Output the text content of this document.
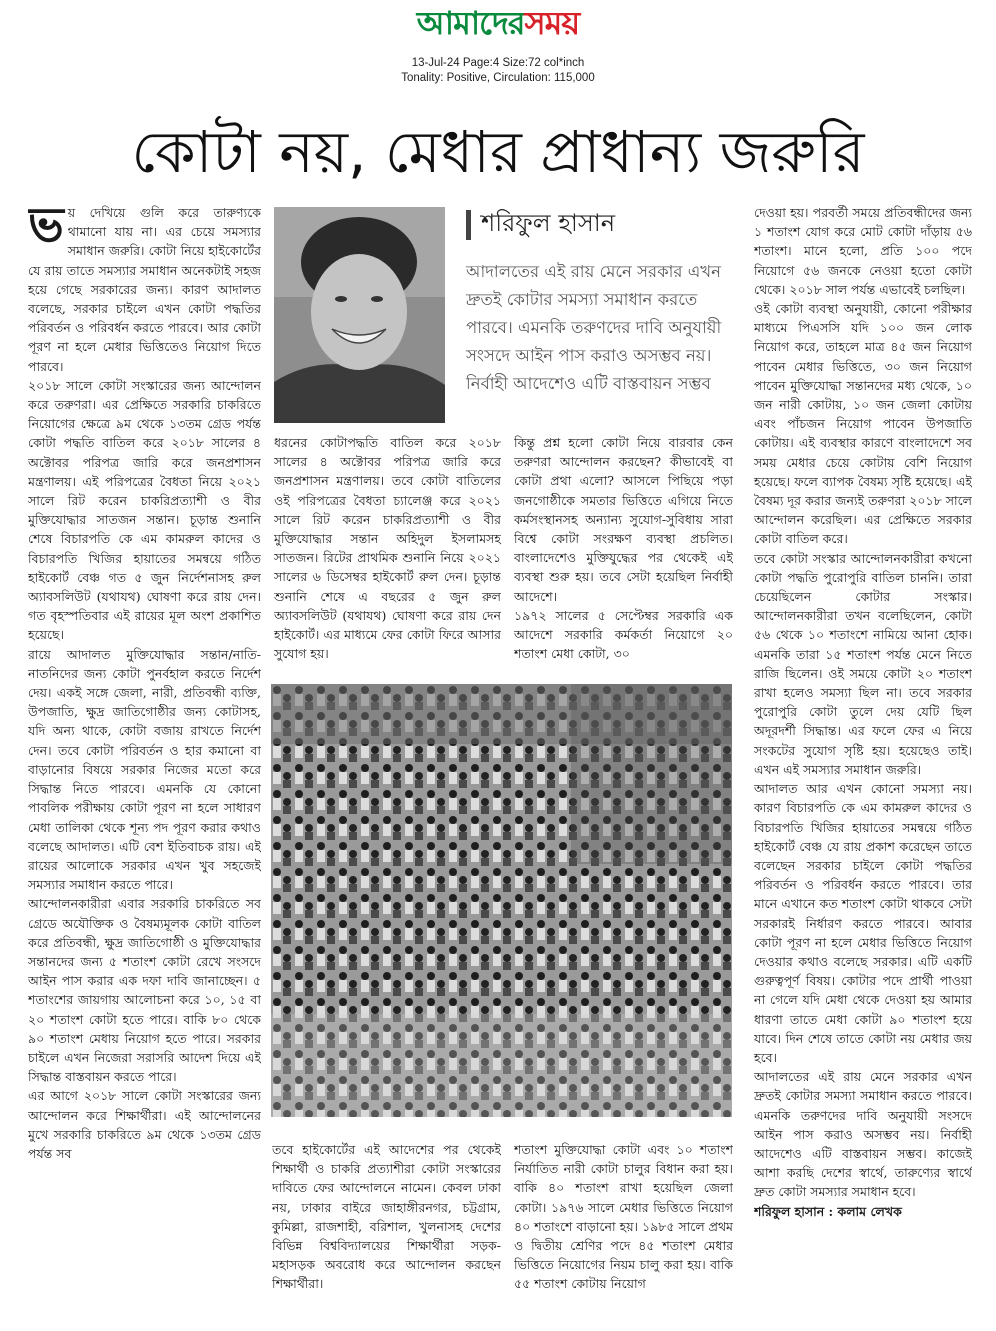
আমাদেরসময়
13-Jul-24 Page:4 Size:72 col*inch
Tonality: Positive, Circulation: 115,000
কোটা নয়, মেধার প্রাধান্য জরুরি

ভয় দেখিয়ে গুলি করে তারুণ্যকে থামানো যায় না। এর চেয়ে সমস্যার সমাধান জরুরি। কোটা নিয়ে হাইকোর্টের যে রায় তাতে সমস্যার সমাধান অনেকটাই সহজ হয়ে গেছে সরকারের জন্য। কারণ আদালত বলেছে, সরকার চাইলে এখন কোটা পদ্ধতির পরিবর্তন ও পরিবর্ধন করতে পারবে। আর কোটা পূরণ না হলে মেধার ভিত্তিতেও নিয়োগ দিতে পারবে।

২০১৮ সালে কোটা সংস্কারের জন্য আন্দোলন করে তরুণরা। এর প্রেক্ষিতে সরকারি চাকরিতে নিয়োগের ক্ষেত্রে ৯ম থেকে ১৩তম গ্রেড পর্যন্ত কোটা পদ্ধতি বাতিল করে ২০১৮ সালের ৪ অক্টোবর পরিপত্র জারি করে জনপ্রশাসন মন্ত্রণালয়। এই পরিপত্রের বৈধতা নিয়ে ২০২১ সালে রিট করেন চাকরিপ্রত্যাশী ও বীর মুক্তিযোদ্ধার সাতজন সন্তান। চূড়ান্ত শুনানি শেষে বিচারপতি কে এম কামরুল কাদের ও বিচারপতি খিজির হায়াতের সমন্বয়ে গঠিত হাইকোর্ট বেঞ্চ গত ৫ জুন নির্দেশনাসহ রুল অ্যাবসলিউট (যথাযথ) ঘোষণা করে রায় দেন। গত বৃহস্পতিবার এই রায়ের মূল অংশ প্রকাশিত হয়েছে।

রায়ে আদালত মুক্তিযোদ্ধার সন্তান/নাতি-নাতনিদের জন্য কোটা পুনর্বহাল করতে নির্দেশ দেয়। একই সঙ্গে জেলা, নারী, প্রতিবন্ধী ব্যক্তি, উপজাতি, ক্ষুদ্র জাতিগোষ্ঠীর জন্য কোটাসহ, যদি অন্য থাকে, কোটা বজায় রাখতে নির্দেশ দেন। তবে কোটা পরিবর্তন ও হার কমানো বা বাড়ানোর বিষয়ে সরকার নিজের মতো করে সিদ্ধান্ত নিতে পারবে। এমনকি যে কোনো পাবলিক পরীক্ষায় কোটা পূরণ না হলে সাধারণ মেধা তালিকা থেকে শূন্য পদ পূরণ করার কথাও বলেছে আদালত। এটি বেশ ইতিবাচক রায়। এই রায়ের আলোকে সরকার এখন খুব সহজেই সমস্যার সমাধান করতে পারে।

আন্দোলনকারীরা এবার সরকারি চাকরিতে সব গ্রেডে অযৌক্তিক ও বৈষম্যমূলক কোটা বাতিল করে প্রতিবন্ধী, ক্ষুদ্র জাতিগোষ্ঠী ও মুক্তিযোদ্ধার সন্তানদের জন্য ৫ শতাংশ কোটা রেখে সংসদে আইন পাস করার এক দফা দাবি জানাচ্ছেন। ৫ শতাংশের জায়গায় আলোচনা করে ১০, ১৫ বা ২০ শতাংশ কোটা হতে পারে। বাকি ৮০ থেকে ৯০ শতাংশ মেধায় নিয়োগ হতে পারে। সরকার চাইলে এখন নিজেরা সরাসরি আদেশ দিয়ে এই সিদ্ধান্ত বাস্তবায়ন করতে পারে।

এর আগে ২০১৮ সালে কোটা সংস্কারের জন্য আন্দোলন করে শিক্ষার্থীরা। এই আন্দোলনের মুখে সরকারি চাকরিতে ৯ম থেকে ১৩তম গ্রেড পর্যন্ত সব

শরিফুল হাসান
আদালতের এই রায় মেনে সরকার এখন দ্রুতই কোটার সমস্যা সমাধান করতে পারবে। এমনকি তরুণদের দাবি অনুযায়ী সংসদে আইন পাস করাও অসম্ভব নয়। নির্বাহী আদেশেও এটি বাস্তবায়ন সম্ভব

ধরনের কোটাপদ্ধতি বাতিল করে ২০১৮ সালের ৪ অক্টোবর পরিপত্র জারি করে জনপ্রশাসন মন্ত্রণালয়। তবে কোটা বাতিলের ওই পরিপত্রের বৈধতা চ্যালেঞ্জ করে ২০২১ সালে রিট করেন চাকরিপ্রত্যাশী ও বীর মুক্তিযোদ্ধার সন্তান অহিদুল ইসলামসহ সাতজন। রিটের প্রাথমিক শুনানি নিয়ে ২০২১ সালের ৬ ডিসেম্বর হাইকোর্ট রুল দেন। চূড়ান্ত শুনানি শেষে এ বছরের ৫ জুন রুল অ্যাবসলিউট (যথাযথ) ঘোষণা করে রায় দেন হাইকোর্ট। এর মাধ্যমে ফের কোটা ফিরে আসার সুযোগ হয়।

কিন্তু প্রশ্ন হলো কোটা নিয়ে বারবার কেন তরুণরা আন্দোলন করছেন? কীভাবেই বা কোটা প্রথা এলো? আসলে পিছিয়ে পড়া জনগোষ্ঠীকে সমতার ভিত্তিতে এগিয়ে নিতে কর্মসংস্থানসহ অন্যান্য সুযোগ-সুবিধায় সারা বিশ্বে কোটা সংরক্ষণ ব্যবস্থা প্রচলিত। বাংলাদেশেও মুক্তিযুদ্ধের পর থেকেই এই ব্যবস্থা শুরু হয়। তবে সেটা হয়েছিল নির্বাহী আদেশে।

১৯৭২ সালের ৫ সেপ্টেম্বর সরকারি এক আদেশে সরকারি কর্মকর্তা নিয়োগে ২০ শতাংশ মেধা কোটা, ৩০

তবে হাইকোর্টের এই আদেশের পর থেকেই শিক্ষার্থী ও চাকরি প্রত্যাশীরা কোটা সংস্কারের দাবিতে ফের আন্দোলনে নামেন। কেবল ঢাকা নয়, ঢাকার বাইরে জাহাঙ্গীরনগর, চট্টগ্রাম, কুমিল্লা, রাজশাহী, বরিশাল, খুলনাসহ দেশের বিভিন্ন বিশ্ববিদ্যালয়ের শিক্ষার্থীরা সড়ক-মহাসড়ক অবরোধ করে আন্দোলন করছেন শিক্ষার্থীরা।

শতাংশ মুক্তিযোদ্ধা কোটা এবং ১০ শতাংশ নির্যাতিত নারী কোটা চালুর বিধান করা হয়। বাকি ৪০ শতাংশ রাখা হয়েছিল জেলা কোটা। ১৯৭৬ সালে মেধার ভিত্তিতে নিয়োগ ৪০ শতাংশে বাড়ানো হয়। ১৯৮৫ সালে প্রথম ও দ্বিতীয় শ্রেণির পদে ৪৫ শতাংশ মেধার ভিত্তিতে নিয়োগের নিয়ম চালু করা হয়। বাকি ৫৫ শতাংশ কোটায় নিয়োগ

দেওয়া হয়। পরবর্তী সময়ে প্রতিবন্ধীদের জন্য ১ শতাংশ যোগ করে মোট কোটা দাঁড়ায় ৫৬ শতাংশ। মানে হলো, প্রতি ১০০ পদে নিয়োগে ৫৬ জনকে নেওয়া হতো কোটা থেকে। ২০১৮ সাল পর্যন্ত এভাবেই চলছিল।

ওই কোটা ব্যবস্থা অনুযায়ী, কোনো পরীক্ষার মাধ্যমে পিএসসি যদি ১০০ জন লোক নিয়োগ করে, তাহলে মাত্র ৪৫ জন নিয়োগ পাবেন মেধার ভিত্তিতে, ৩০ জন নিয়োগ পাবেন মুক্তিযোদ্ধা সন্তানদের মধ্য থেকে, ১০ জন নারী কোটায়, ১০ জন জেলা কোটায় এবং পাঁচজন নিয়োগ পাবেন উপজাতি কোটায়। এই ব্যবস্থার কারণে বাংলাদেশে সব সময় মেধার চেয়ে কোটায় বেশি নিয়োগ হয়েছে। ফলে ব্যাপক বৈষম্য সৃষ্টি হয়েছে। এই বৈষম্য দূর করার জন্যই তরুণরা ২০১৮ সালে আন্দোলন করেছিল। এর প্রেক্ষিতে সরকার কোটা বাতিল করে।

তবে কোটা সংস্কার আন্দোলনকারীরা কখনো কোটা পদ্ধতি পুরোপুরি বাতিল চাননি। তারা চেয়েছিলেন কোটার সংস্কার। আন্দোলনকারীরা তখন বলেছিলেন, কোটা ৫৬ থেকে ১০ শতাংশে নামিয়ে আনা হোক। এমনকি তারা ১৫ শতাংশ পর্যন্ত মেনে নিতে রাজি ছিলেন। ওই সময়ে কোটা ২০ শতাংশ রাখা হলেও সমস্যা ছিল না। তবে সরকার পুরোপুরি কোটা তুলে দেয় যেটি ছিল অদূরদর্শী সিদ্ধান্ত। এর ফলে ফের এ নিয়ে সংকটের সুযোগ সৃষ্টি হয়। হয়েছেও তাই। এখন এই সমস্যার সমাধান জরুরি।

আদালত আর এখন কোনো সমস্যা নয়। কারণ বিচারপতি কে এম কামরুল কাদের ও বিচারপতি খিজির হায়াতের সমন্বয়ে গঠিত হাইকোর্ট বেঞ্চ যে রায় প্রকাশ করেছেন তাতে বলেছেন সরকার চাইলে কোটা পদ্ধতির পরিবর্তন ও পরিবর্ধন করতে পারবে। তার মানে এখানে কত শতাংশ কোটা থাকবে সেটা সরকারই নির্ধারণ করতে পারবে। আবার কোটা পূরণ না হলে মেধার ভিত্তিতে নিয়োগ দেওয়ার কথাও বলেছে সরকার। এটি একটি গুরুত্বপূর্ণ বিষয়। কোটার পদে প্রার্থী পাওয়া না গেলে যদি মেধা থেকে দেওয়া হয় আমার ধারণা তাতে মেধা কোটা ৯০ শতাংশ হয়ে যাবে। দিন শেষে তাতে কোটা নয় মেধার জয় হবে।

আদালতের এই রায় মেনে সরকার এখন দ্রুতই কোটার সমস্যা সমাধান করতে পারবে। এমনকি তরুণদের দাবি অনুযায়ী সংসদে আইন পাস করাও অসম্ভব নয়। নির্বাহী আদেশেও এটি বাস্তবায়ন সম্ভব। কাজেই আশা করছি দেশের স্বার্থে, তারুণ্যের স্বার্থে দ্রুত কোটা সমস্যার সমাধান হবে।

শরিফুল হাসান : কলাম লেখক
